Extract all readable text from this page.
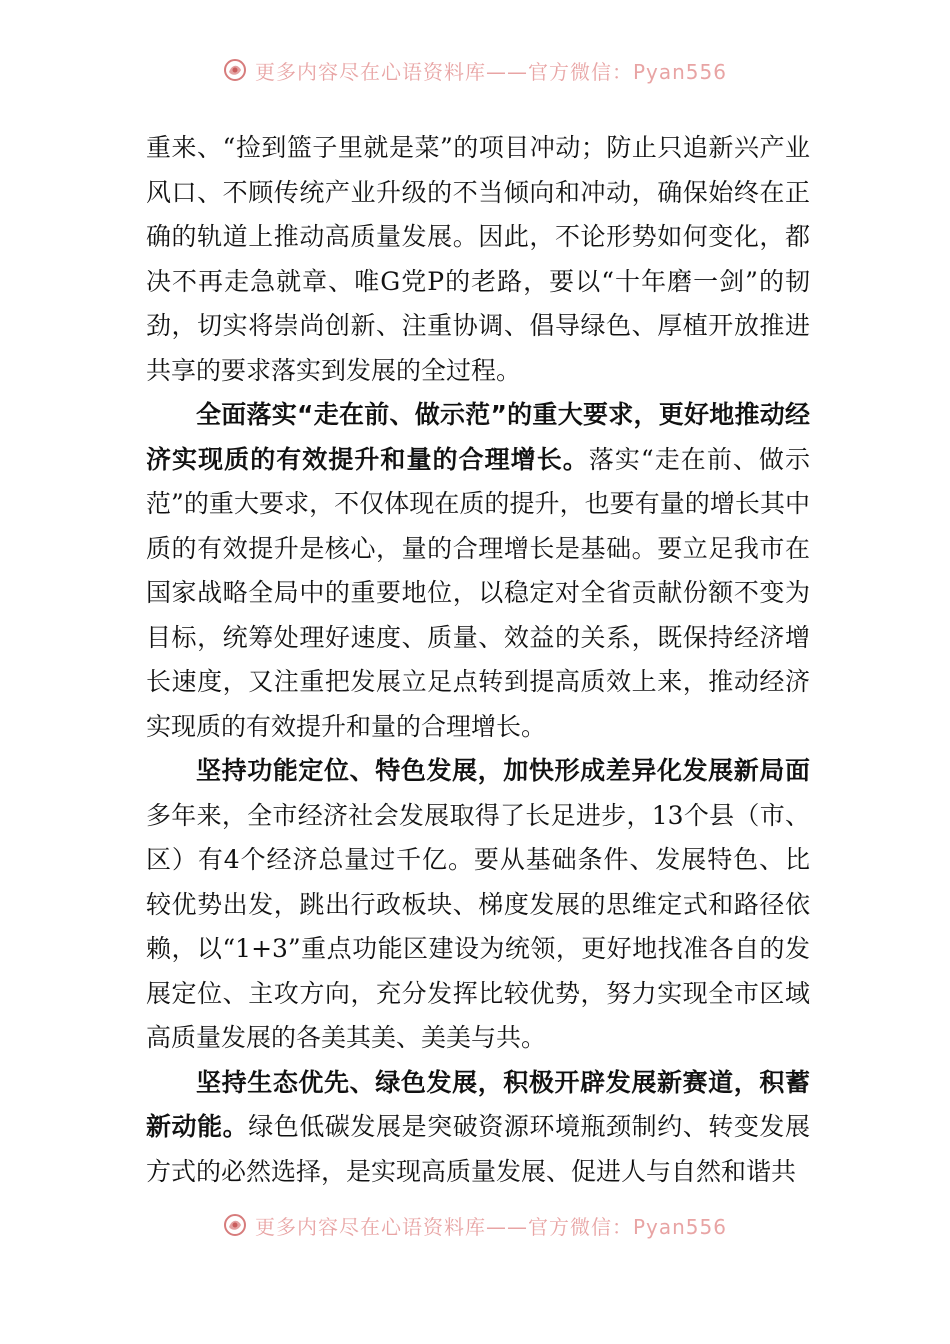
更多内容尽在心语资料库——官方微信：Pyan556

重来、“捡到篮子里就是菜”的项目冲动；防止只追新兴产业风口、不顾传统产业升级的不当倾向和冲动，确保始终在正确的轨道上推动高质量发展。因此，不论形势如何变化，都决不再走急就章、唯G党P的老路，要以“十年磨一剑”的韧劲，切实将崇尚创新、注重协调、倡导绿色、厚植开放推进共享的要求落实到发展的全过程。

全面落实“走在前、做示范”的重大要求，更好地推动经济实现质的有效提升和量的合理增长。落实“走在前、做示范”的重大要求，不仅体现在质的提升，也要有量的增长其中质的有效提升是核心，量的合理增长是基础。要立足我市在国家战略全局中的重要地位，以稳定对全省贡献份额不变为目标，统筹处理好速度、质量、效益的关系，既保持经济增长速度，又注重把发展立足点转到提高质效上来，推动经济实现质的有效提升和量的合理增长。

坚持功能定位、特色发展，加快形成差异化发展新局面多年来，全市经济社会发展取得了长足进步，13个县（市、区）有4个经济总量过千亿。要从基础条件、发展特色、比较优势出发，跳出行政板块、梯度发展的思维定式和路径依赖，以“1+3”重点功能区建设为统领，更好地找准各自的发展定位、主攻方向，充分发挥比较优势，努力实现全市区域高质量发展的各美其美、美美与共。

坚持生态优先、绿色发展，积极开辟发展新赛道，积蓄新动能。绿色低碳发展是突破资源环境瓶颈制约、转变发展方式的必然选择，是实现高质量发展、促进人与自然和谐共

更多内容尽在心语资料库——官方微信：Pyan556
